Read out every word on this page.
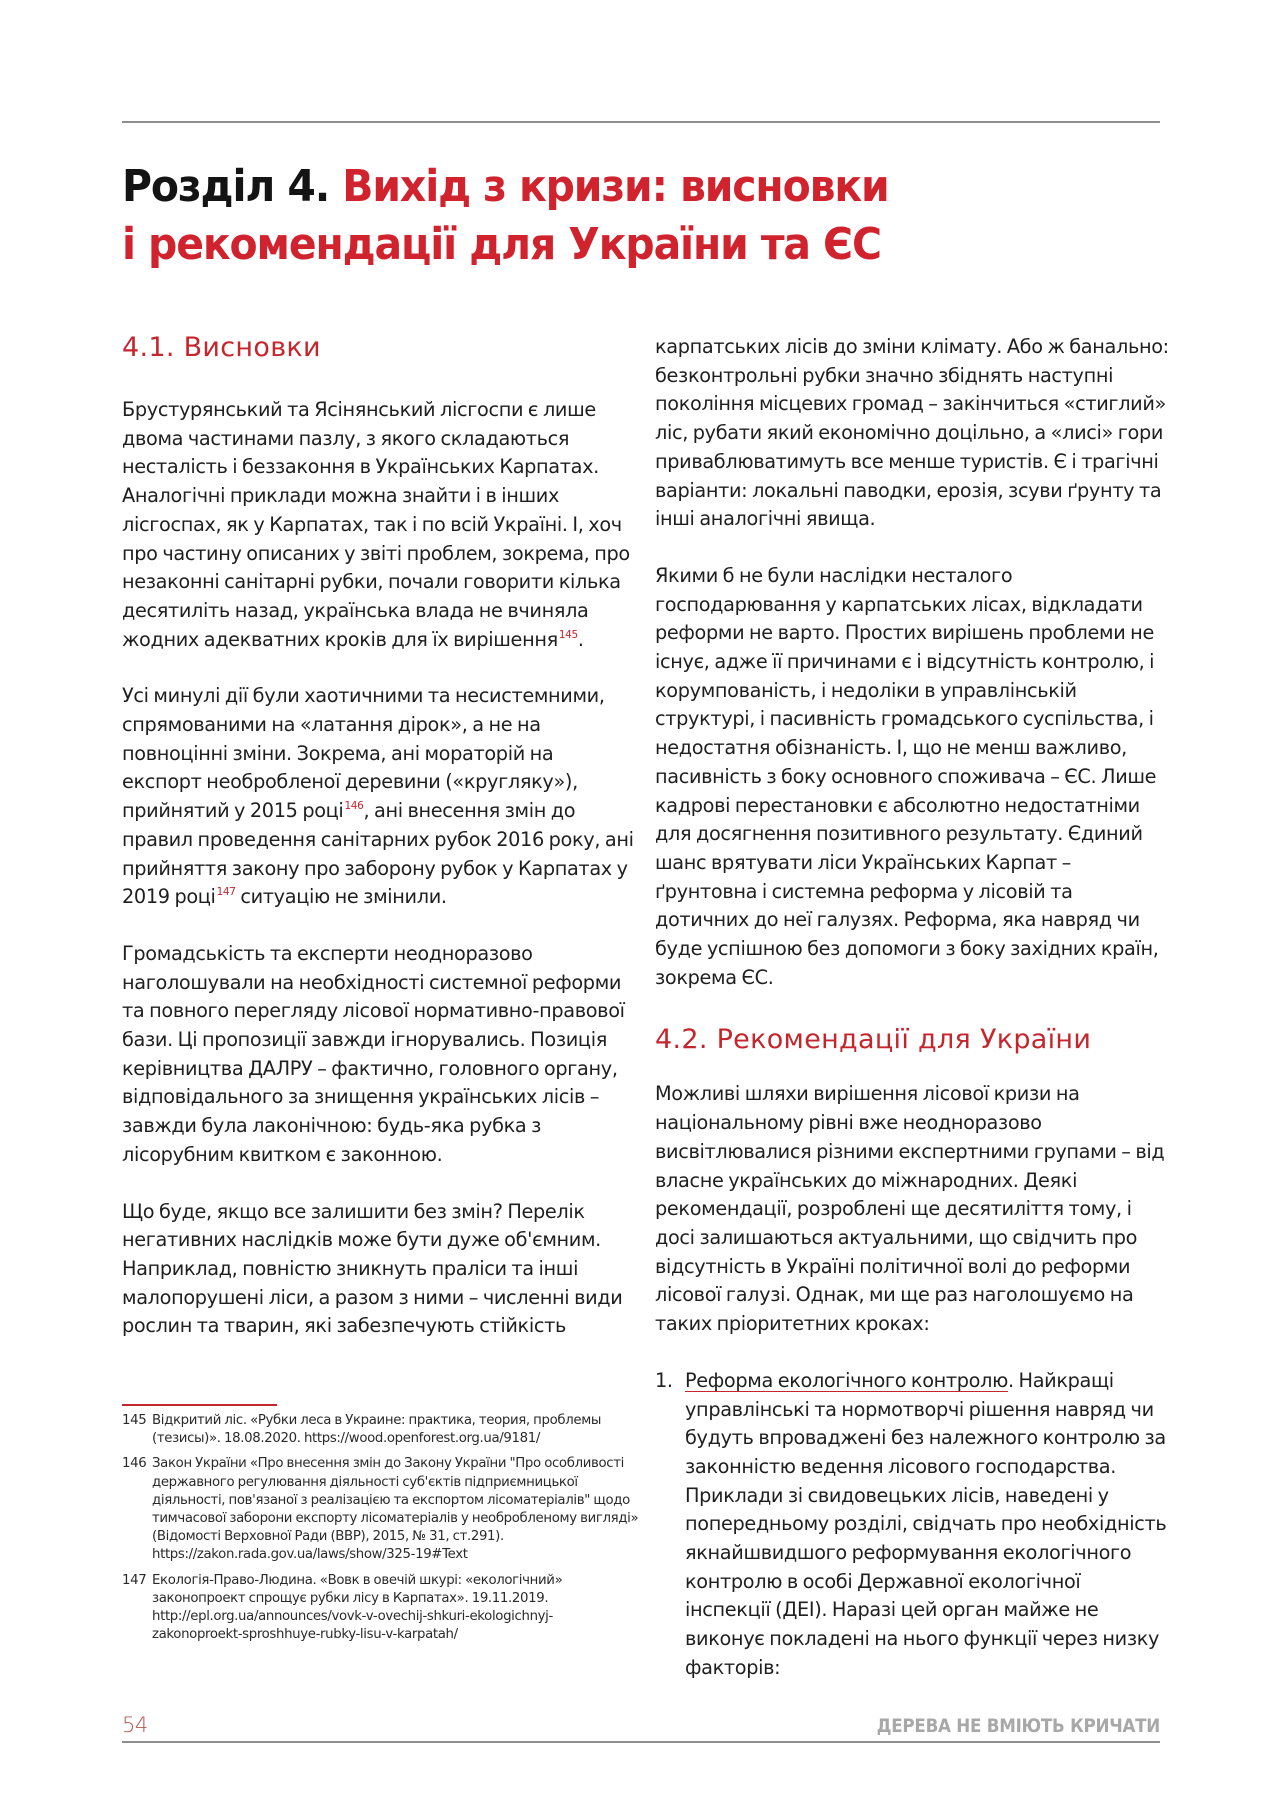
Розділ 4. Вихід з кризи: висновки
і рекомендації для України та ЄС
4.1. Висновки

Брустурянський та Ясінянський лісгоспи є лише двома частинами пазлу, з якого складаються несталість і беззаконня в Українських Карпатах. Аналогічні приклади можна знайти і в інших лісгоспах, як у Карпатах, так і по всій Україні. І, хоч про частину описаних у звіті проблем, зокрема, про незаконні санітарні рубки, почали говорити кілька десятиліть назад, українська влада не вчиняла жодних адекватних кроків для їх вирішення$^{145}$.

Усі минулі дії були хаотичними та несистемними, спрямованими на «латання дірок», а не на повноцінні зміни. Зокрема, ані мораторій на експорт необробленої деревини («кругляку»), прийнятий у 2015 році$^{146}$, ані внесення змін до правил проведення санітарних рубок 2016 року, ані прийняття закону про заборону рубок у Карпатах у 2019 році$^{147}$ ситуацію не змінили.

Громадськість та експерти неодноразово наголошували на необхідності системної реформи та повного перегляду лісової нормативно-правової бази. Ці пропозиції завжди ігнорувались. Позиція керівництва ДАЛРУ – фактично, головного органу, відповідального за знищення українських лісів – завжди була лаконічною: будь-яка рубка з лісорубним квитком є законною.

Що буде, якщо все залишити без змін? Перелік негативних наслідків може бути дуже об'ємним. Наприклад, повністю зникнуть праліси та інші малопорушені ліси, а разом з ними – численні види рослин та тварин, які забезпечують стійкість

145 Відкритий ліс. «Рубки леса в Украине: практика, теория, проблемы (тезисы)». 18.08.2020. https://wood.openforest.org.ua/9181/
146 Закон України «Про внесення змін до Закону України "Про особливості державного регулювання діяльності суб'єктів підприємницької діяльності, пов'язаної з реалізацією та експортом лісоматеріалів" щодо тимчасової заборони експорту лісоматеріалів у необробленому вигляді» (Відомості Верховної Ради (ВВР), 2015, № 31, ст.291). https://zakon.rada.gov.ua/laws/show/325-19#Text
147 Екологія-Право-Людина. «Вовк в овечій шкурі: «екологічний» законопроект спрощує рубки лісу в Карпатах». 19.11.2019. http://epl.org.ua/announces/vovk-v-ovechij-shkuri-ekologichnyj-zakonoproekt-sproshhuye-rubky-lisu-v-karpatah/

карпатських лісів до зміни клімату. Або ж банально: безконтрольні рубки значно збіднять наступні покоління місцевих громад – закінчиться «стиглий» ліс, рубати який економічно доцільно, а «лисі» гори приваблюватимуть все менше туристів. Є і трагічні варіанти: локальні паводки, ерозія, зсуви ґрунту та інші аналогічні явища.

Якими б не були наслідки несталого господарювання у карпатських лісах, відкладати реформи не варто. Простих вирішень проблеми не існує, адже її причинами є і відсутність контролю, і корумпованість, і недоліки в управлінській структурі, і пасивність громадського суспільства, і недостатня обізнаність. І, що не менш важливо, пасивність з боку основного споживача – ЄС. Лише кадрові перестановки є абсолютно недостатніми для досягнення позитивного результату. Єдиний шанс врятувати ліси Українських Карпат – ґрунтовна і системна реформа у лісовій та дотичних до неї галузях. Реформа, яка навряд чи буде успішною без допомоги з боку західних країн, зокрема ЄС.

4.2. Рекомендації для України

Можливі шляхи вирішення лісової кризи на національному рівні вже неодноразово висвітлювалися різними експертними групами – від власне українських до міжнародних. Деякі рекомендації, розроблені ще десятиліття тому, і досі залишаються актуальними, що свідчить про відсутність в Україні політичної волі до реформи лісової галузі. Однак, ми ще раз наголошуємо на таких пріоритетних кроках:

1. Реформа екологічного контролю. Найкращі управлінські та нормотворчі рішення навряд чи будуть впроваджені без належного контролю за законністю ведення лісового господарства. Приклади зі свидовецьких лісів, наведені у попередньому розділі, свідчать про необхідність якнайшвидшого реформування екологічного контролю в особі Державної екологічної інспекції (ДЕІ). Наразі цей орган майже не виконує покладені на нього функції через низку факторів:
54	ДЕРЕВА НЕ ВМІЮТЬ КРИЧАТИ
